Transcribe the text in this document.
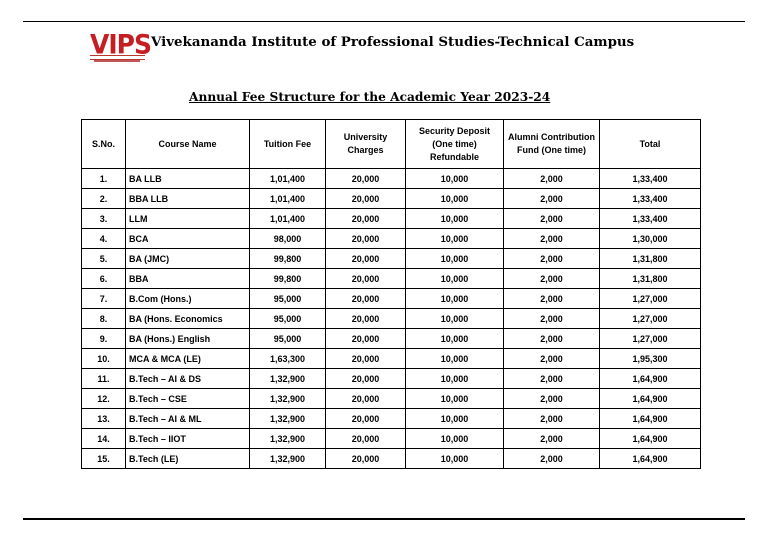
VIPS Vivekananda Institute of Professional Studies-Technical Campus
Annual Fee Structure for the Academic Year 2023-24
S.No.	Course Name	Tuition Fee	University Charges	Security Deposit (One time) Refundable	Alumni Contribution Fund (One time)	Total
1.	BA LLB	1,01,400	20,000	10,000	2,000	1,33,400
2.	BBA LLB	1,01,400	20,000	10,000	2,000	1,33,400
3.	LLM	1,01,400	20,000	10,000	2,000	1,33,400
4.	BCA	98,000	20,000	10,000	2,000	1,30,000
5.	BA (JMC)	99,800	20,000	10,000	2,000	1,31,800
6.	BBA	99,800	20,000	10,000	2,000	1,31,800
7.	B.Com (Hons.)	95,000	20,000	10,000	2,000	1,27,000
8.	BA (Hons. Economics	95,000	20,000	10,000	2,000	1,27,000
9.	BA (Hons.) English	95,000	20,000	10,000	2,000	1,27,000
10.	MCA & MCA (LE)	1,63,300	20,000	10,000	2,000	1,95,300
11.	B.Tech – AI & DS	1,32,900	20,000	10,000	2,000	1,64,900
12.	B.Tech – CSE	1,32,900	20,000	10,000	2,000	1,64,900
13.	B.Tech – AI & ML	1,32,900	20,000	10,000	2,000	1,64,900
14.	B.Tech – IIOT	1,32,900	20,000	10,000	2,000	1,64,900
15.	B.Tech (LE)	1,32,900	20,000	10,000	2,000	1,64,900
